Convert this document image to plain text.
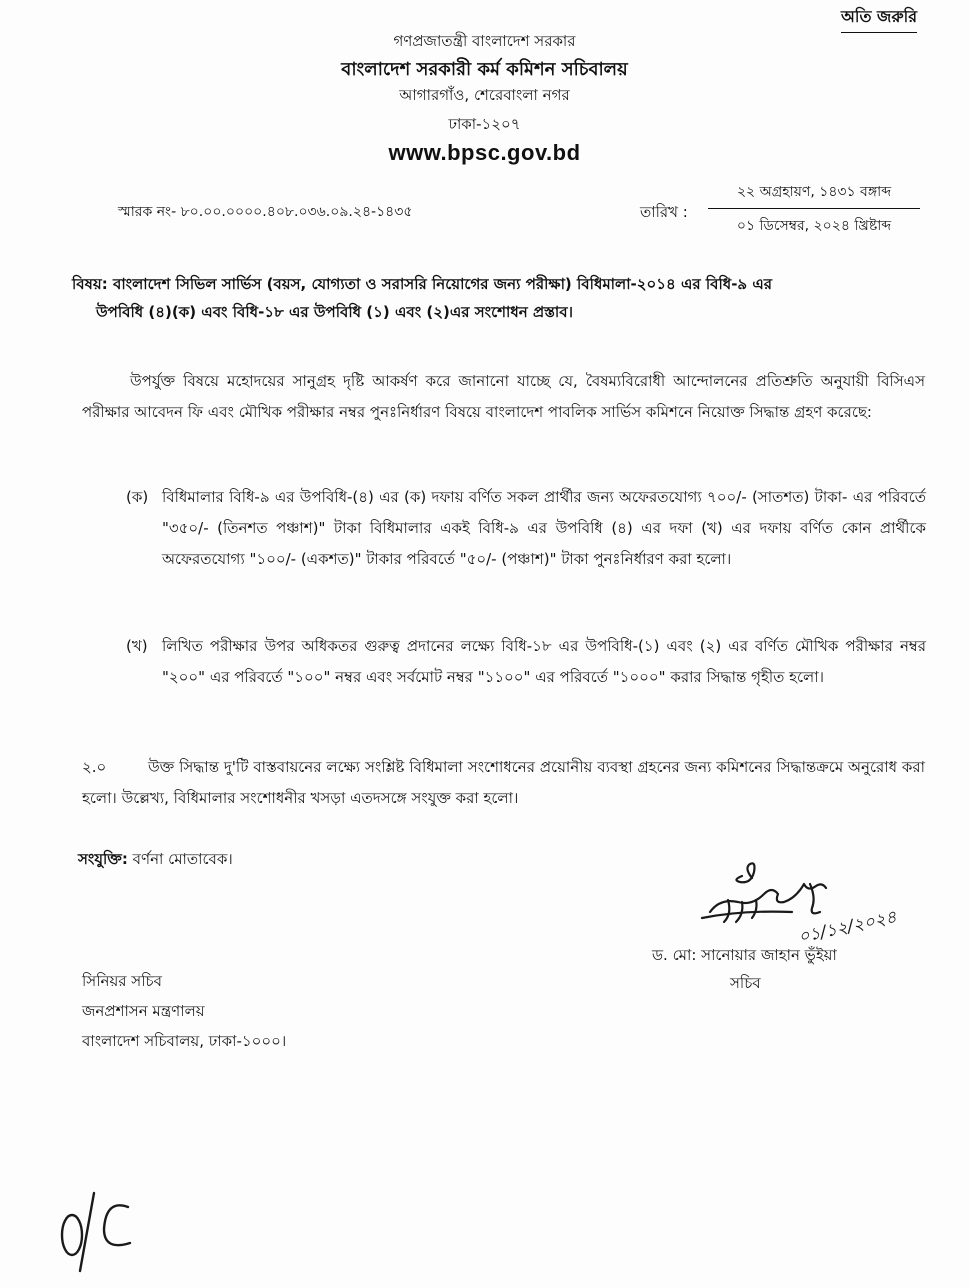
অতি জরুরি
গণপ্রজাতন্ত্রী বাংলাদেশ সরকার
বাংলাদেশ সরকারী কর্ম কমিশন সচিবালয়
আগারগাঁও, শেরেবাংলা নগর
ঢাকা-১২০৭
www.bpsc.gov.bd
স্মারক নং- ৮০.০০.০০০০.৪০৮.০৩৬.০৯.২৪-১৪৩৫	তারিখ :
২২ অগ্রহায়ণ, ১৪৩১ বঙ্গাব্দ
০১ ডিসেম্বর, ২০২৪ খ্রিষ্টাব্দ
বিষয়: বাংলাদেশ সিভিল সার্ভিস (বয়স, যোগ্যতা ও সরাসরি নিয়োগের জন্য পরীক্ষা) বিধিমালা-২০১৪ এর বিধি-৯ এর
উপবিধি (৪)(ক) এবং বিধি-১৮ এর উপবিধি (১) এবং (২)এর সংশোধন প্রস্তাব।
উপর্যুক্ত বিষয়ে মহোদয়ের সানুগ্রহ দৃষ্টি আকর্ষণ করে জানানো যাচ্ছে যে, বৈষম্যবিরোধী আন্দোলনের প্রতিশ্রুতি অনুযায়ী বিসিএস পরীক্ষার আবেদন ফি এবং মৌখিক পরীক্ষার নম্বর পুনঃনির্ধারণ বিষয়ে বাংলাদেশ পাবলিক সার্ভিস কমিশনে নিয়োক্ত সিদ্ধান্ত গ্রহণ করেছে:
(ক) বিধিমালার বিধি-৯ এর উপবিধি-(৪) এর (ক) দফায় বর্ণিত সকল প্রার্থীর জন্য অফেরতযোগ্য ৭০০/- (সাতশত) টাকা- এর পরিবর্তে "৩৫০/- (তিনশত পঞ্চাশ)" টাকা বিধিমালার একই বিধি-৯ এর উপবিধি (৪) এর দফা (খ) এর দফায় বর্ণিত কোন প্রার্থীকে অফেরতযোগ্য "১০০/- (একশত)" টাকার পরিবর্তে "৫০/- (পঞ্চাশ)" টাকা পুনঃনির্ধারণ করা হলো।
(খ) লিখিত পরীক্ষার উপর অধিকতর গুরুত্ব প্রদানের লক্ষ্যে বিধি-১৮ এর উপবিধি-(১) এবং (২) এর বর্ণিত মৌখিক পরীক্ষার নম্বর "২০০" এর পরিবর্তে "১০০" নম্বর এবং সর্বমোট নম্বর "১১০০" এর পরিবর্তে "১০০০" করার সিদ্ধান্ত গৃহীত হলো।
২.০	উক্ত সিদ্ধান্ত দু'টি বাস্তবায়নের লক্ষ্যে সংশ্লিষ্ট বিধিমালা সংশোধনের প্রয়োনীয় ব্যবস্থা গ্রহনের জন্য কমিশনের সিদ্ধান্তক্রমে অনুরোধ করা হলো। উল্লেখ্য, বিধিমালার সংশোধনীর খসড়া এতদসঙ্গে সংযুক্ত করা হলো।
সংযুক্তি: বর্ণনা মোতাবেক।
০১/১২/২০২৪
ড. মো: সানোয়ার জাহান ভুঁইয়া
সচিব
সিনিয়র সচিব
জনপ্রশাসন মন্ত্রণালয়
বাংলাদেশ সচিবালয়, ঢাকা-১০০০।
